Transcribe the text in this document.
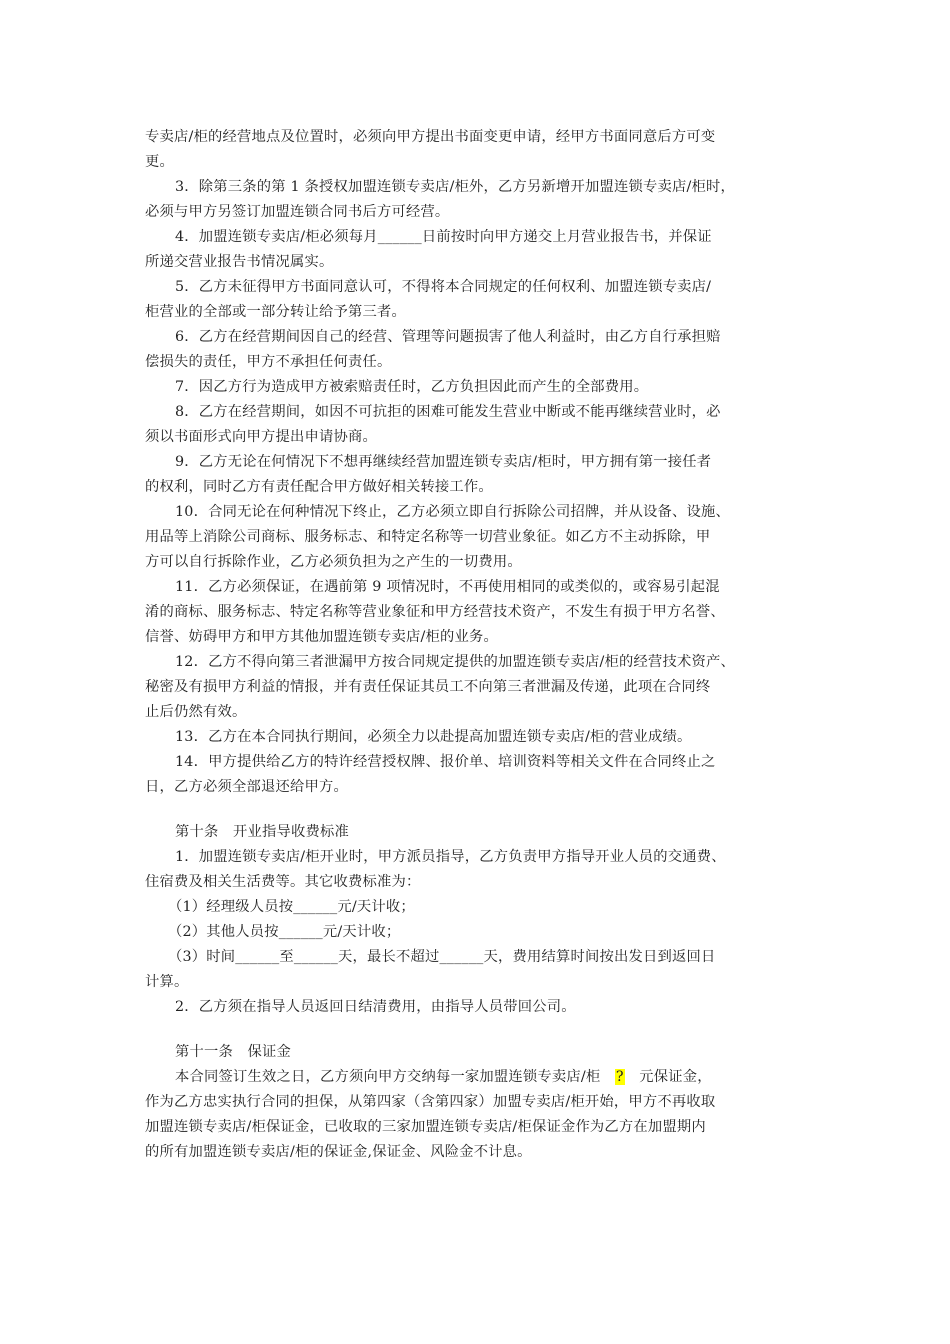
专卖店/柜的经营地点及位置时，必须向甲方提出书面变更申请，经甲方书面同意后方可变
更。
3．除第三条的第 1 条授权加盟连锁专卖店/柜外，乙方另新增开加盟连锁专卖店/柜时，
必须与甲方另签订加盟连锁合同书后方可经营。
4．加盟连锁专卖店/柜必须每月______日前按时向甲方递交上月营业报告书，并保证
所递交营业报告书情况属实。
5．乙方未征得甲方书面同意认可，不得将本合同规定的任何权利、加盟连锁专卖店/
柜营业的全部或一部分转让给予第三者。
6．乙方在经营期间因自己的经营、管理等问题损害了他人利益时，由乙方自行承担赔
偿损失的责任，甲方不承担任何责任。
7．因乙方行为造成甲方被索赔责任时，乙方负担因此而产生的全部费用。
8．乙方在经营期间，如因不可抗拒的困难可能发生营业中断或不能再继续营业时，必
须以书面形式向甲方提出申请协商。
9．乙方无论在何情况下不想再继续经营加盟连锁专卖店/柜时，甲方拥有第一接任者
的权利，同时乙方有责任配合甲方做好相关转接工作。
10．合同无论在何种情况下终止，乙方必须立即自行拆除公司招牌，并从设备、设施、
用品等上消除公司商标、服务标志、和特定名称等一切营业象征。如乙方不主动拆除，甲
方可以自行拆除作业，乙方必须负担为之产生的一切费用。
11．乙方必须保证，在遇前第 9 项情况时，不再使用相同的或类似的，或容易引起混
淆的商标、服务标志、特定名称等营业象征和甲方经营技术资产，不发生有损于甲方名誉、
信誉、妨碍甲方和甲方其他加盟连锁专卖店/柜的业务。
12．乙方不得向第三者泄漏甲方按合同规定提供的加盟连锁专卖店/柜的经营技术资产、
秘密及有损甲方利益的情报，并有责任保证其员工不向第三者泄漏及传递，此项在合同终
止后仍然有效。
13．乙方在本合同执行期间，必须全力以赴提高加盟连锁专卖店/柜的营业成绩。
14．甲方提供给乙方的特许经营授权牌、报价单、培训资料等相关文件在合同终止之
日，乙方必须全部退还给甲方。
第十条　开业指导收费标准
1．加盟连锁专卖店/柜开业时，甲方派员指导，乙方负责甲方指导开业人员的交通费、
住宿费及相关生活费等。其它收费标准为：
（1）经理级人员按______元/天计收；
（2）其他人员按______元/天计收；
（3）时间______至______天，最长不超过______天，费用结算时间按出发日到返回日
计算。
2．乙方须在指导人员返回日结清费用，由指导人员带回公司。
第十一条　保证金
本合同签订生效之日，乙方须向甲方交纳每一家加盟连锁专卖店/柜　?　元保证金，
作为乙方忠实执行合同的担保，从第四家（含第四家）加盟专卖店/柜开始，甲方不再收取
加盟连锁专卖店/柜保证金，已收取的三家加盟连锁专卖店/柜保证金作为乙方在加盟期内
的所有加盟连锁专卖店/柜的保证金,保证金、风险金不计息。
